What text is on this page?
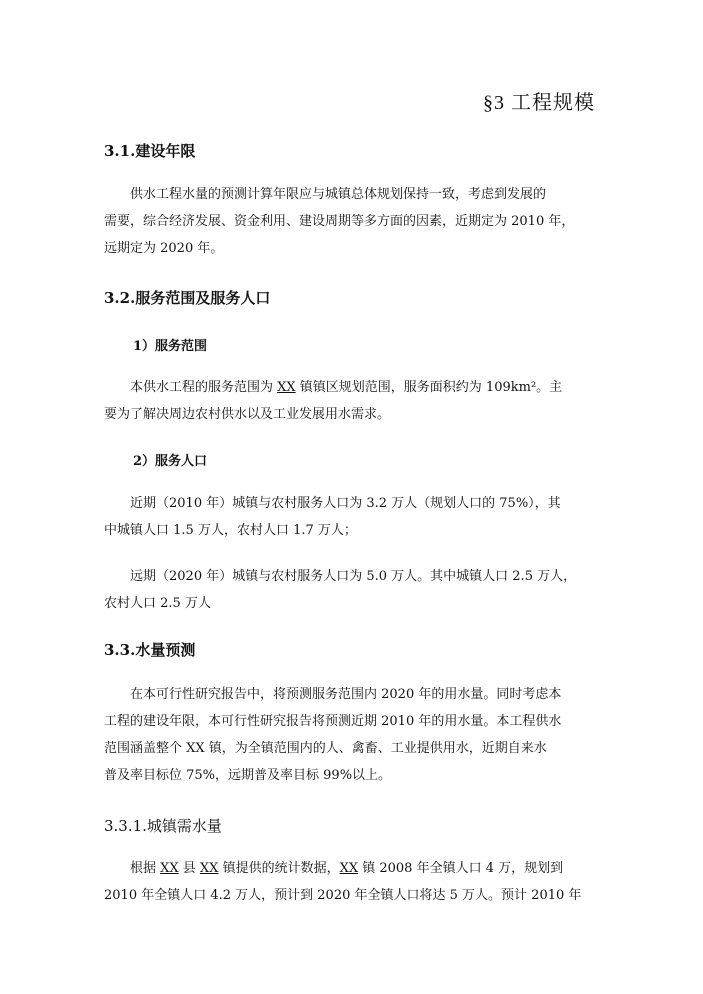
§3 工程规模
3.1.建设年限
供水工程水量的预测计算年限应与城镇总体规划保持一致，考虑到发展的
需要，综合经济发展、资金利用、建设周期等多方面的因素，近期定为 2010 年，
远期定为 2020 年。
3.2.服务范围及服务人口
1）服务范围
本供水工程的服务范围为 XX 镇镇区规划范围，服务面积约为 109km²。主
要为了解决周边农村供水以及工业发展用水需求。
2）服务人口
近期（2010 年）城镇与农村服务人口为 3.2 万人（规划人口的 75%），其
中城镇人口 1.5 万人，农村人口 1.7 万人；
远期（2020 年）城镇与农村服务人口为 5.0 万人。其中城镇人口 2.5 万人，
农村人口 2.5 万人
3.3.水量预测
在本可行性研究报告中，将预测服务范围内 2020 年的用水量。同时考虑本
工程的建设年限，本可行性研究报告将预测近期 2010 年的用水量。本工程供水
范围涵盖整个 XX 镇，为全镇范围内的人、禽畜、工业提供用水，近期自来水
普及率目标位 75%，远期普及率目标 99%以上。
3.3.1.城镇需水量
根据 XX 县 XX 镇提供的统计数据，XX 镇 2008 年全镇人口 4 万，规划到
2010 年全镇人口 4.2 万人，预计到 2020 年全镇人口将达 5 万人。预计 2010 年
